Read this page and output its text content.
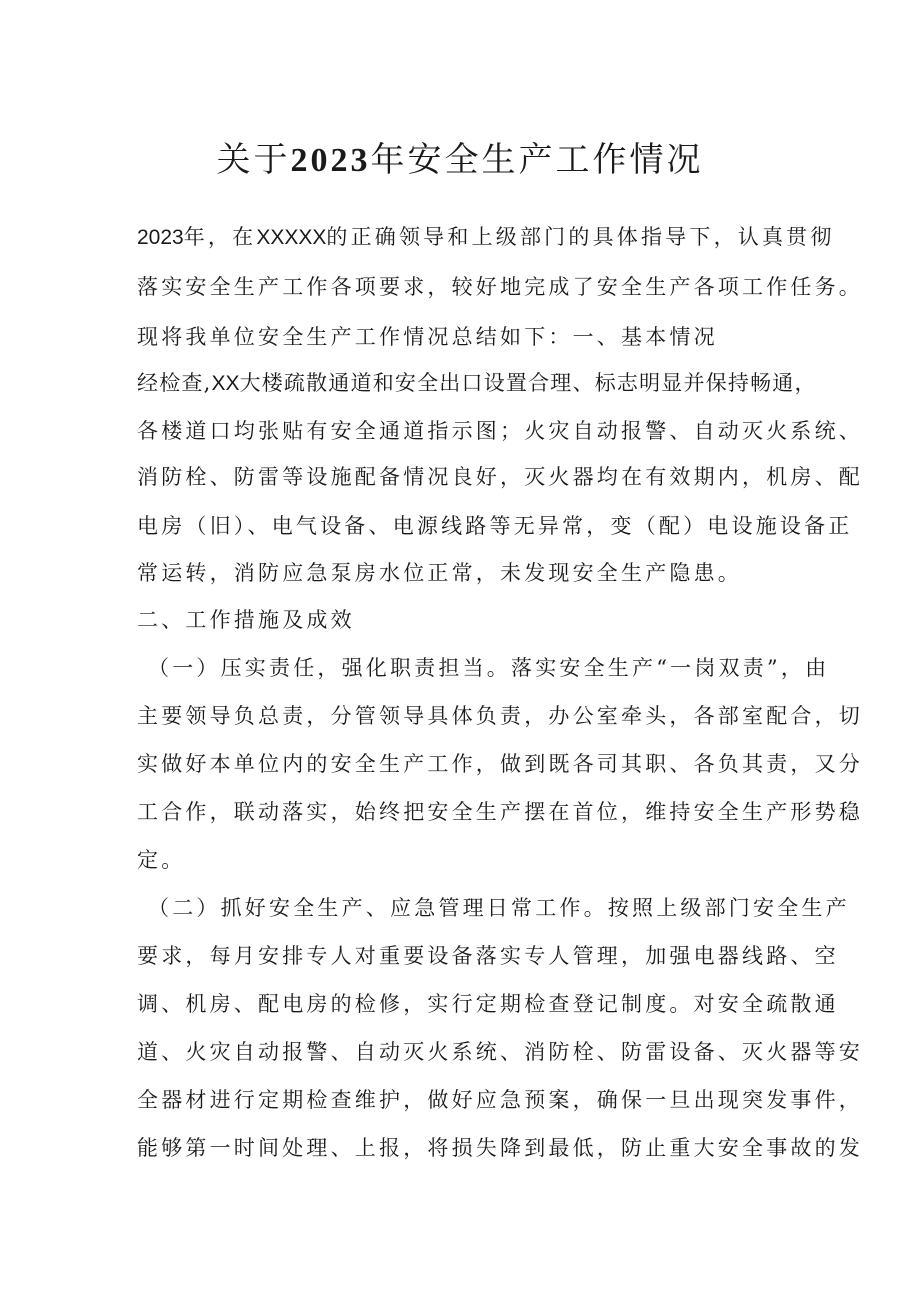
关于2023年安全生产工作情况
2023年，在XXXXX的正确领导和上级部门的具体指导下，认真贯彻
落实安全生产工作各项要求，较好地完成了安全生产各项工作任务。
现将我单位安全生产工作情况总结如下：一、基本情况
经检查,XX大楼疏散通道和安全出口设置合理、标志明显并保持畅通，
各楼道口均张贴有安全通道指示图；火灾自动报警、自动灭火系统、
消防栓、防雷等设施配备情况良好，灭火器均在有效期内，机房、配
电房（旧）、电气设备、电源线路等无异常，变（配）电设施设备正
常运转，消防应急泵房水位正常，未发现安全生产隐患。
二、工作措施及成效
（一）压实责任，强化职责担当。落实安全生产“一岗双责”，由
主要领导负总责，分管领导具体负责，办公室牵头，各部室配合，切
实做好本单位内的安全生产工作，做到既各司其职、各负其责，又分
工合作，联动落实，始终把安全生产摆在首位，维持安全生产形势稳
定。
（二）抓好安全生产、应急管理日常工作。按照上级部门安全生产
要求，每月安排专人对重要设备落实专人管理，加强电器线路、空
调、机房、配电房的检修，实行定期检查登记制度。对安全疏散通
道、火灾自动报警、自动灭火系统、消防栓、防雷设备、灭火器等安
全器材进行定期检查维护，做好应急预案，确保一旦出现突发事件，
能够第一时间处理、上报，将损失降到最低，防止重大安全事故的发
